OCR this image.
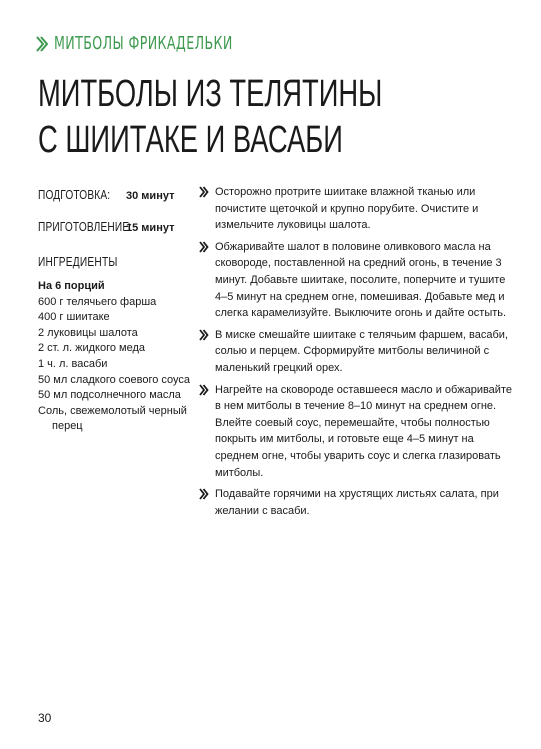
МИТБОЛЫ ФРИКАДЕЛЬКИ
МИТБОЛЫ ИЗ ТЕЛЯТИНЫ
С ШИИТАКЕ И ВАСАБИ
ПОДГОТОВКА: 30 минут
ПРИГОТОВЛЕНИЕ:15 минут
ИНГРЕДИЕНТЫ
На 6 порций
600 г телячьего фарша
400 г шиитаке
2 луковицы шалота
2 ст. л. жидкого меда
1 ч. л. васаби
50 мл сладкого соевого соуса
50 мл подсолнечного масла
Соль, свежемолотый черный перец
Осторожно протрите шиитаке влажной тканью или почистите щеточкой и крупно порубите. Очистите и измельчите луковицы шалота.
Обжаривайте шалот в половине оливкового масла на сковороде, поставленной на средний огонь, в течение 3 минут. Добавьте шиитаке, посолите, поперчите и тушите 4–5 минут на среднем огне, помешивая. Добавьте мед и слегка карамелизуйте. Выключите огонь и дайте остыть.
В миске смешайте шиитаке с телячьим фаршем, васаби, солью и перцем. Сформируйте митболы величиной с маленький грецкий орех.
Нагрейте на сковороде оставшееся масло и обжаривайте в нем митболы в течение 8–10 минут на среднем огне. Влейте соевый соус, перемешайте, чтобы полностью покрыть им митболы, и готовьте еще 4–5 минут на среднем огне, чтобы уварить соус и слегка глазировать митболы.
Подавайте горячими на хрустящих листьях салата, при желании с васаби.
30
